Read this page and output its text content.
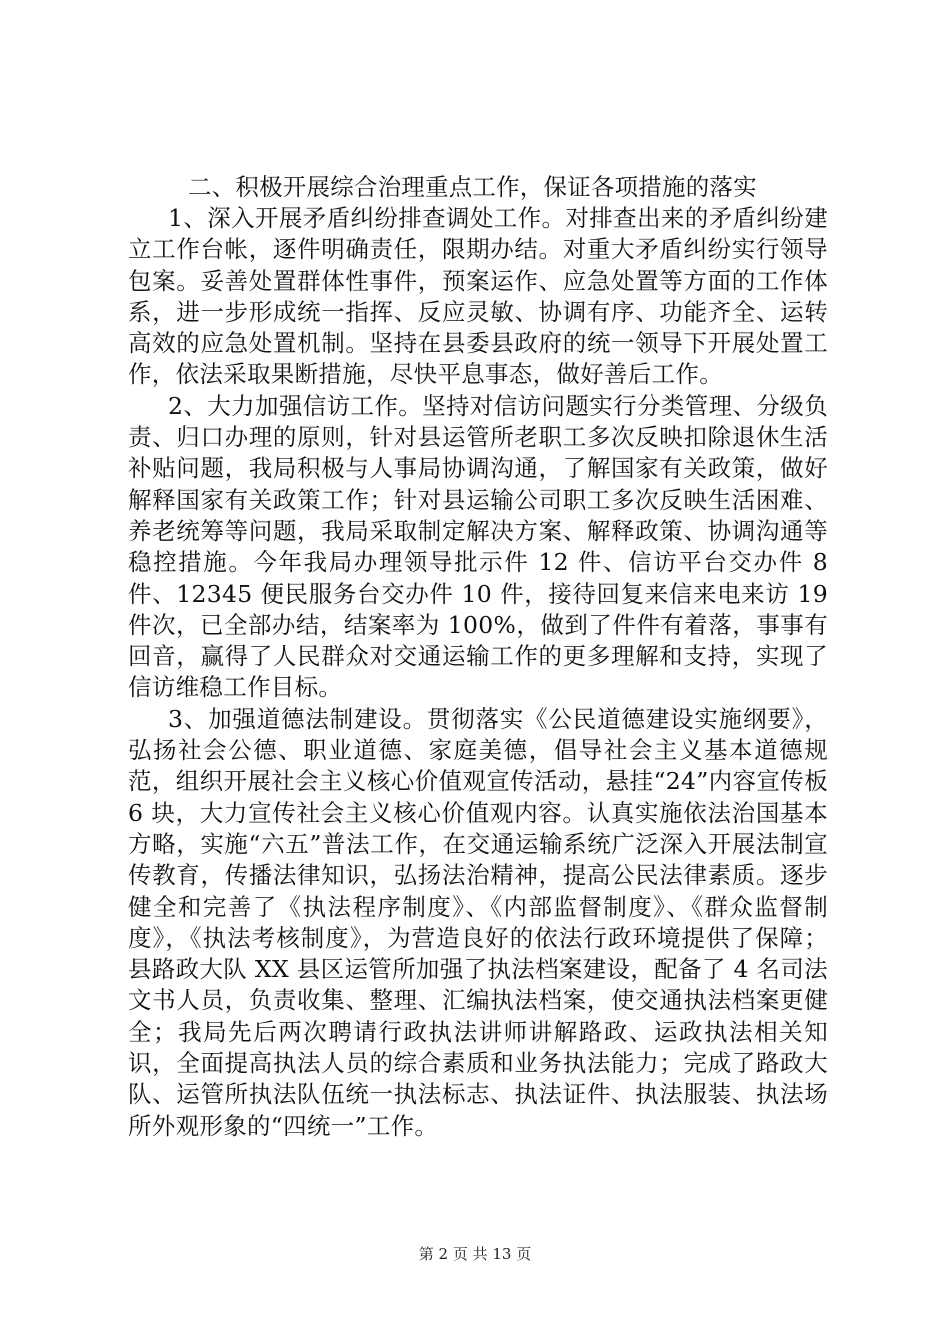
二、积极开展综合治理重点工作，保证各项措施的落实

1、深入开展矛盾纠纷排查调处工作。对排查出来的矛盾纠纷建立工作台帐，逐件明确责任，限期办结。对重大矛盾纠纷实行领导包案。妥善处置群体性事件，预案运作、应急处置等方面的工作体系，进一步形成统一指挥、反应灵敏、协调有序、功能齐全、运转高效的应急处置机制。坚持在县委县政府的统一领导下开展处置工作，依法采取果断措施，尽快平息事态，做好善后工作。

2、大力加强信访工作。坚持对信访问题实行分类管理、分级负责、归口办理的原则，针对县运管所老职工多次反映扣除退休生活补贴问题，我局积极与人事局协调沟通，了解国家有关政策，做好解释国家有关政策工作；针对县运输公司职工多次反映生活困难、养老统筹等问题，我局采取制定解决方案、解释政策、协调沟通等稳控措施。今年我局办理领导批示件 12 件、信访平台交办件 8 件、12345 便民服务台交办件 10 件，接待回复来信来电来访 19 件次，已全部办结，结案率为 100%，做到了件件有着落，事事有回音，赢得了人民群众对交通运输工作的更多理解和支持，实现了信访维稳工作目标。

3、加强道德法制建设。贯彻落实《公民道德建设实施纲要》，弘扬社会公德、职业道德、家庭美德，倡导社会主义基本道德规范，组织开展社会主义核心价值观宣传活动，悬挂“24”内容宣传板 6 块，大力宣传社会主义核心价值观内容。认真实施依法治国基本方略，实施“六五”普法工作，在交通运输系统广泛深入开展法制宣传教育，传播法律知识，弘扬法治精神，提高公民法律素质。逐步健全和完善了《执法程序制度》、《内部监督制度》、《群众监督制度》，《执法考核制度》，为营造良好的依法行政环境提供了保障；县路政大队 XX 县区运管所加强了执法档案建设，配备了 4 名司法文书人员，负责收集、整理、汇编执法档案，使交通执法档案更健全；我局先后两次聘请行政执法讲师讲解路政、运政执法相关知识，全面提高执法人员的综合素质和业务执法能力；完成了路政大队、运管所执法队伍统一执法标志、执法证件、执法服装、执法场所外观形象的“四统一”工作。

第 2 页 共 13 页
